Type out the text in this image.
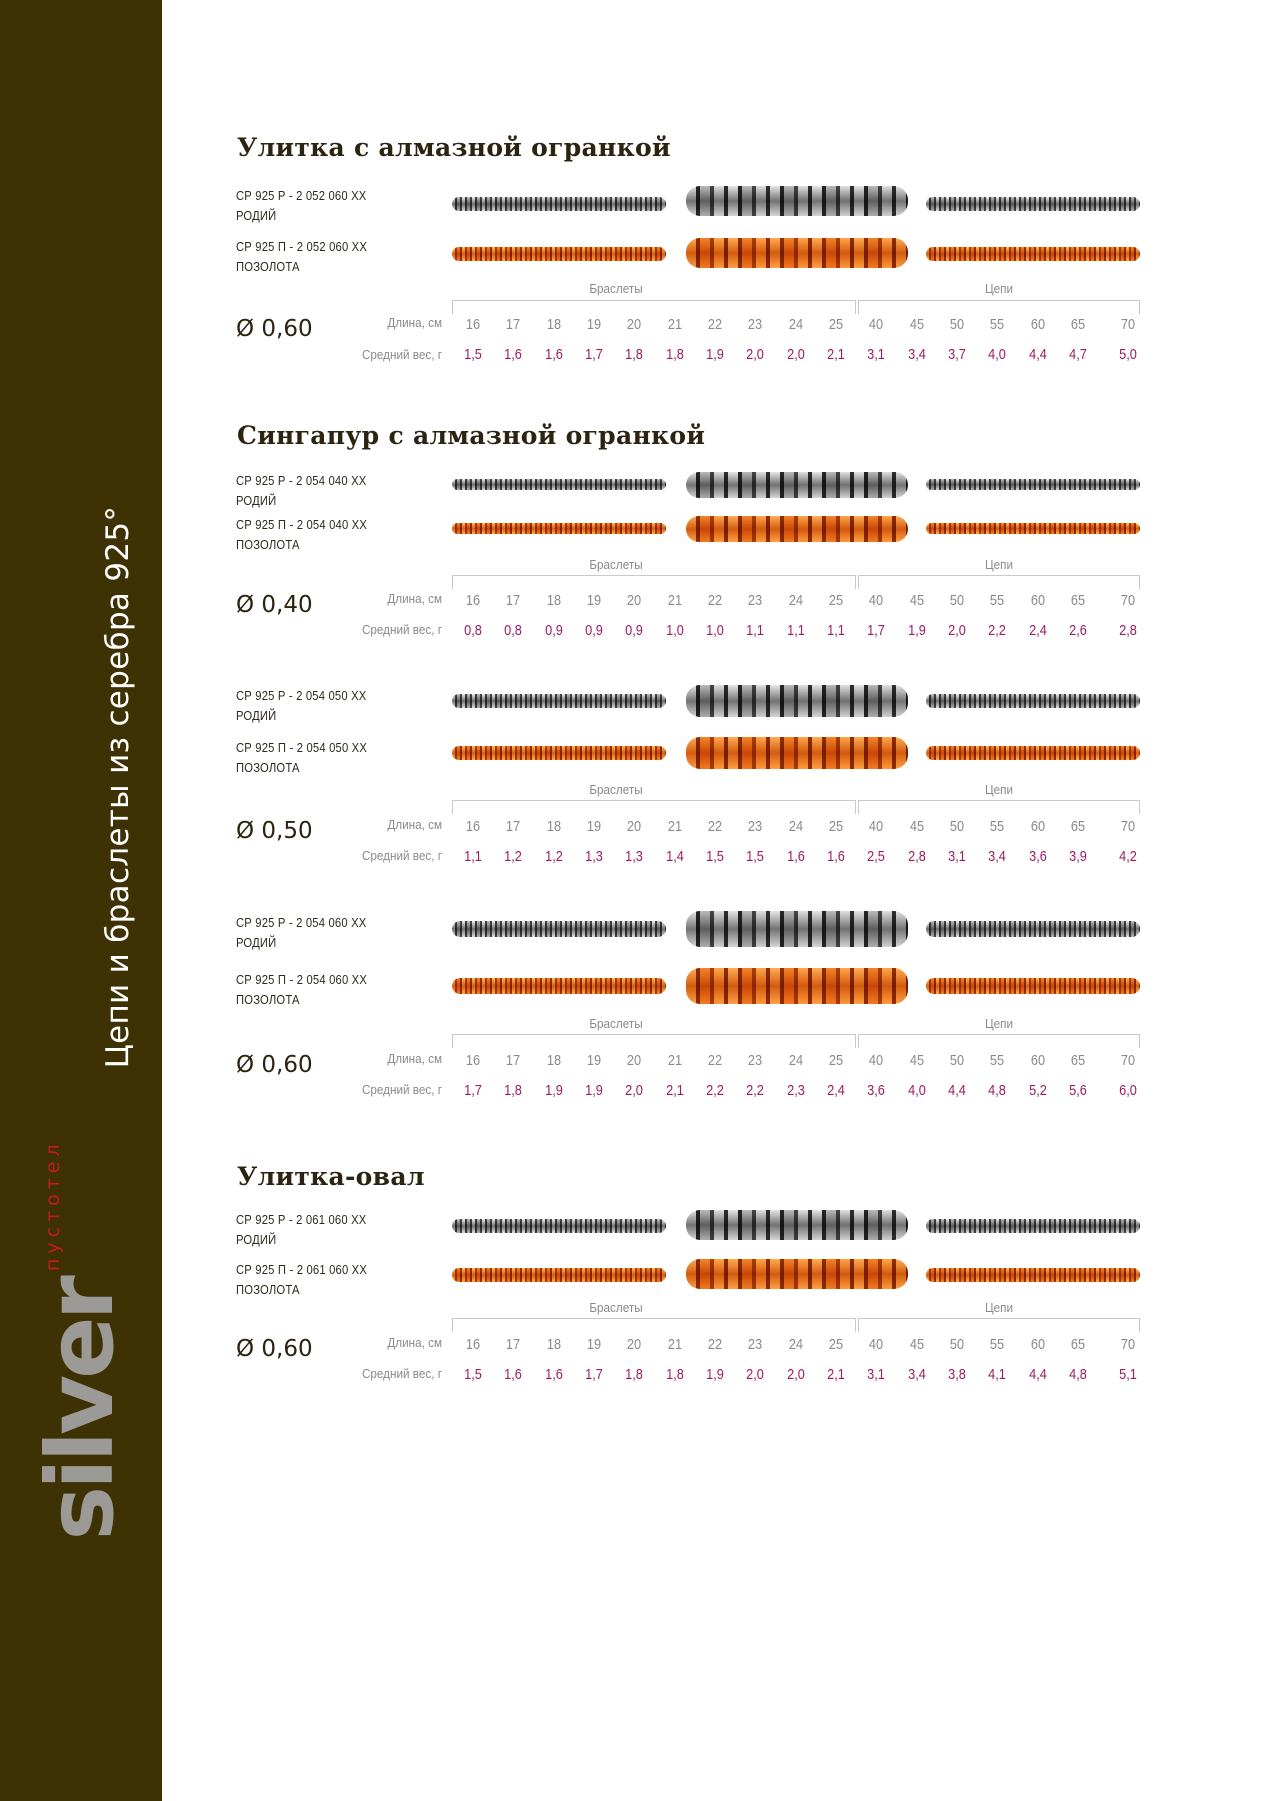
silver
пустотел
Цепи и браслеты из серебра 925°
Улитка с алмазной огранкой
СР 925 Р - 2 052 060 ХХ
РОДИЙ
СР 925 П - 2 052 060 ХХ
ПОЗОЛОТА
Браслеты	Цепи
Ø 0,60	Длина, см
Средний вес, г
16	17	18	19	20	21	22	23	24	25	40	45	50	55	60	65	70
1,5	1,6	1,6	1,7	1,8	1,8	1,9	2,0	2,0	2,1	3,1	3,4	3,7	4,0	4,4	4,7	5,0
Сингапур с алмазной огранкой
СР 925 Р - 2 054 040 ХХ
РОДИЙ
СР 925 П - 2 054 040 ХХ
ПОЗОЛОТА
Браслеты	Цепи
Ø 0,40	Длина, см
Средний вес, г
16	17	18	19	20	21	22	23	24	25	40	45	50	55	60	65	70
0,8	0,8	0,9	0,9	0,9	1,0	1,0	1,1	1,1	1,1	1,7	1,9	2,0	2,2	2,4	2,6	2,8
СР 925 Р - 2 054 050 ХХ
РОДИЙ
СР 925 П - 2 054 050 ХХ
ПОЗОЛОТА
Браслеты	Цепи
Ø 0,50	Длина, см
Средний вес, г
16	17	18	19	20	21	22	23	24	25	40	45	50	55	60	65	70
1,1	1,2	1,2	1,3	1,3	1,4	1,5	1,5	1,6	1,6	2,5	2,8	3,1	3,4	3,6	3,9	4,2
СР 925 Р - 2 054 060 ХХ
РОДИЙ
СР 925 П - 2 054 060 ХХ
ПОЗОЛОТА
Браслеты	Цепи
Ø 0,60	Длина, см
Средний вес, г
16	17	18	19	20	21	22	23	24	25	40	45	50	55	60	65	70
1,7	1,8	1,9	1,9	2,0	2,1	2,2	2,2	2,3	2,4	3,6	4,0	4,4	4,8	5,2	5,6	6,0
Улитка-овал
СР 925 Р - 2 061 060 ХХ
РОДИЙ
СР 925 П - 2 061 060 ХХ
ПОЗОЛОТА
Браслеты	Цепи
Ø 0,60	Длина, см
Средний вес, г
16	17	18	19	20	21	22	23	24	25	40	45	50	55	60	65	70
1,5	1,6	1,6	1,7	1,8	1,8	1,9	2,0	2,0	2,1	3,1	3,4	3,8	4,1	4,4	4,8	5,1
